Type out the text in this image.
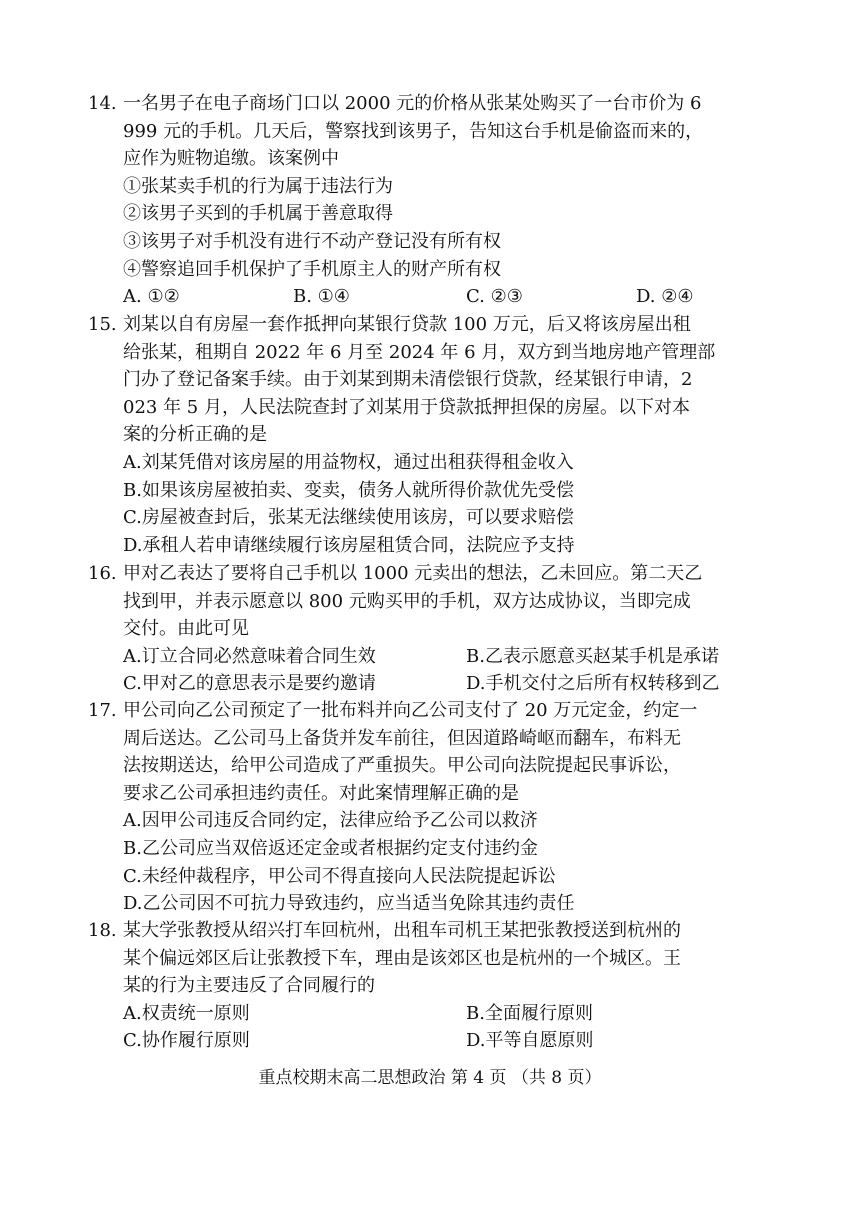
14. 一名男子在电子商场门口以 2000 元的价格从张某处购买了一台市价为 6
999 元的手机。几天后，警察找到该男子，告知这台手机是偷盗而来的，
应作为赃物追缴。该案例中
①张某卖手机的行为属于违法行为
②该男子买到的手机属于善意取得
③该男子对手机没有进行不动产登记没有所有权
④警察追回手机保护了手机原主人的财产所有权
A. ①②	B. ①④	C. ②③	D. ②④
15. 刘某以自有房屋一套作抵押向某银行贷款 100 万元，后又将该房屋出租
给张某，租期自 2022 年 6 月至 2024 年 6 月，双方到当地房地产管理部
门办了登记备案手续。由于刘某到期未清偿银行贷款，经某银行申请，2
023 年 5 月，人民法院查封了刘某用于贷款抵押担保的房屋。以下对本
案的分析正确的是
A.刘某凭借对该房屋的用益物权，通过出租获得租金收入
B.如果该房屋被拍卖、变卖，债务人就所得价款优先受偿
C.房屋被查封后，张某无法继续使用该房，可以要求赔偿
D.承租人若申请继续履行该房屋租赁合同，法院应予支持
16. 甲对乙表达了要将自己手机以 1000 元卖出的想法，乙未回应。第二天乙
找到甲，并表示愿意以 800 元购买甲的手机，双方达成协议，当即完成
交付。由此可见
A.订立合同必然意味着合同生效	B.乙表示愿意买赵某手机是承诺
C.甲对乙的意思表示是要约邀请	D.手机交付之后所有权转移到乙
17. 甲公司向乙公司预定了一批布料并向乙公司支付了 20 万元定金，约定一
周后送达。乙公司马上备货并发车前往，但因道路崎岖而翻车，布料无
法按期送达，给甲公司造成了严重损失。甲公司向法院提起民事诉讼，
要求乙公司承担违约责任。对此案情理解正确的是
A.因甲公司违反合同约定，法律应给予乙公司以救济
B.乙公司应当双倍返还定金或者根据约定支付违约金
C.未经仲裁程序，甲公司不得直接向人民法院提起诉讼
D.乙公司因不可抗力导致违约，应当适当免除其违约责任
18. 某大学张教授从绍兴打车回杭州，出租车司机王某把张教授送到杭州的
某个偏远郊区后让张教授下车，理由是该郊区也是杭州的一个城区。王
某的行为主要违反了合同履行的
A.权责统一原则	B.全面履行原则
C.协作履行原则	D.平等自愿原则
重点校期末高二思想政治 第 4 页 （共 8 页）
